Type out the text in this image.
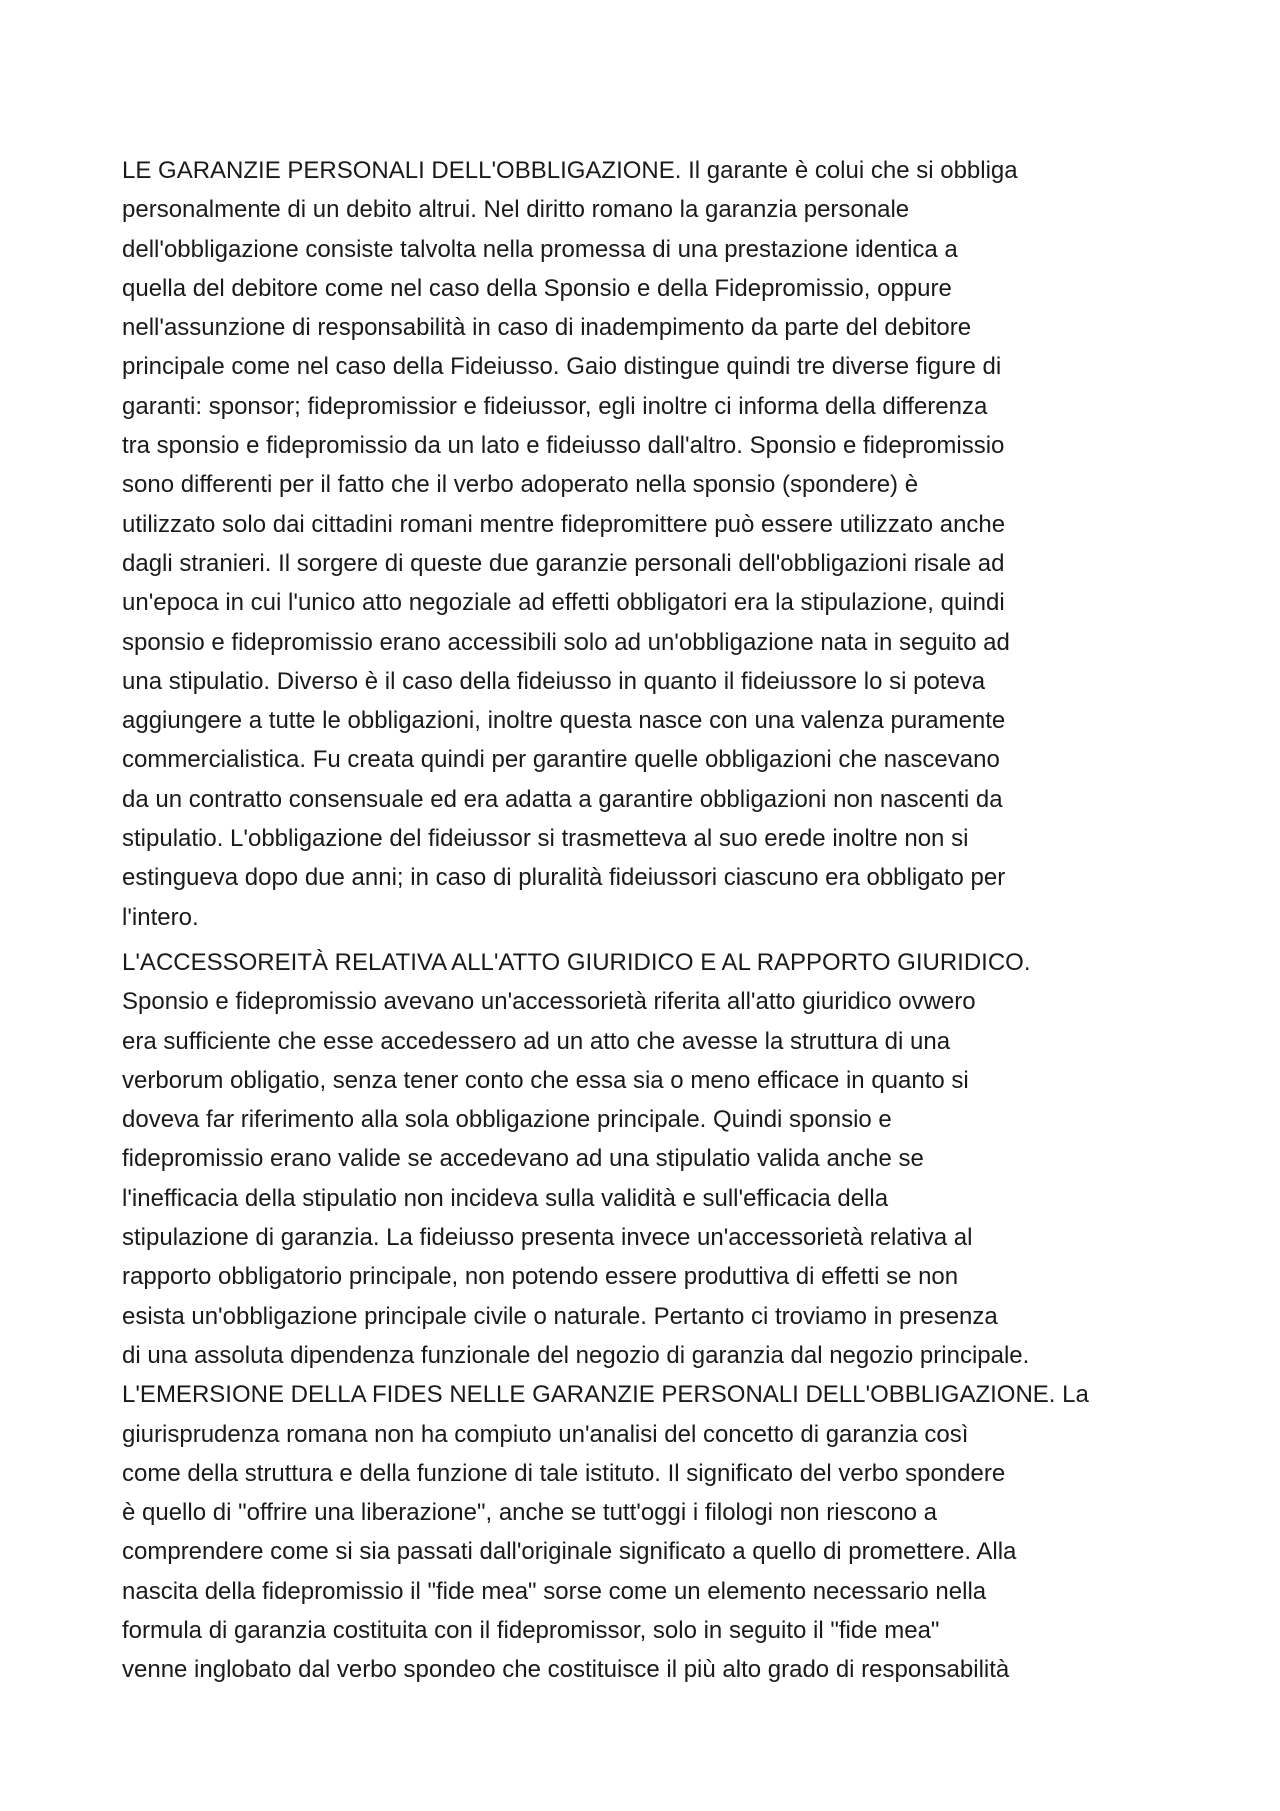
LE GARANZIE PERSONALI DELL'OBBLIGAZIONE. Il garante è colui che si obbliga
personalmente di un debito altrui. Nel diritto romano la garanzia personale
dell'obbligazione consiste talvolta nella promessa di una prestazione identica a
quella del debitore come nel caso della Sponsio e della Fidepromissio, oppure
nell'assunzione di responsabilità in caso di inadempimento da parte del debitore
principale come nel caso della Fideiusso. Gaio distingue quindi tre diverse figure di
garanti: sponsor; fidepromissior e fideiussor, egli inoltre ci informa della differenza
tra sponsio e fidepromissio da un lato e fideiusso dall'altro. Sponsio e fidepromissio
sono differenti per il fatto che il verbo adoperato nella sponsio (spondere) è
utilizzato solo dai cittadini romani mentre fidepromittere può essere utilizzato anche
dagli stranieri. Il sorgere di queste due garanzie personali dell'obbligazioni risale ad
un'epoca in cui l'unico atto negoziale ad effetti obbligatori era la stipulazione, quindi
sponsio e fidepromissio erano accessibili solo ad un'obbligazione nata in seguito ad
una stipulatio. Diverso è il caso della fideiusso in quanto il fideiussore lo si poteva
aggiungere a tutte le obbligazioni, inoltre questa nasce con una valenza puramente
commercialistica. Fu creata quindi per garantire quelle obbligazioni che nascevano
da un contratto consensuale ed era adatta a garantire obbligazioni non nascenti da
stipulatio. L'obbligazione del fideiussor si trasmetteva al suo erede inoltre non si
estingueva dopo due anni; in caso di pluralità fideiussori ciascuno era obbligato per
l'intero.

L'ACCESSOREITÀ RELATIVA ALL'ATTO GIURIDICO E AL RAPPORTO GIURIDICO.
Sponsio e fidepromissio avevano un'accessorietà riferita all'atto giuridico ovwero
era sufficiente che esse accedessero ad un atto che avesse la struttura di una
verborum obligatio, senza tener conto che essa sia o meno efficace in quanto si
doveva far riferimento alla sola obbligazione principale. Quindi sponsio e
fidepromissio erano valide se accedevano ad una stipulatio valida anche se
l'inefficacia della stipulatio non incideva sulla validità e sull'efficacia della
stipulazione di garanzia. La fideiusso presenta invece un'accessorietà relativa al
rapporto obbligatorio principale, non potendo essere produttiva di effetti se non
esista un'obbligazione principale civile o naturale. Pertanto ci troviamo in presenza
di una assoluta dipendenza funzionale del negozio di garanzia dal negozio principale.
L'EMERSIONE DELLA FIDES NELLE GARANZIE PERSONALI DELL'OBBLIGAZIONE. La
giurisprudenza romana non ha compiuto un'analisi del concetto di garanzia così
come della struttura e della funzione di tale istituto. Il significato del verbo spondere
è quello di "offrire una liberazione", anche se tutt'oggi i filologi non riescono a
comprendere come si sia passati dall'originale significato a quello di promettere. Alla
nascita della fidepromissio il "fide mea" sorse come un elemento necessario nella
formula di garanzia costituita con il fidepromissor, solo in seguito il "fide mea"
venne inglobato dal verbo spondeo che costituisce il più alto grado di responsabilità
